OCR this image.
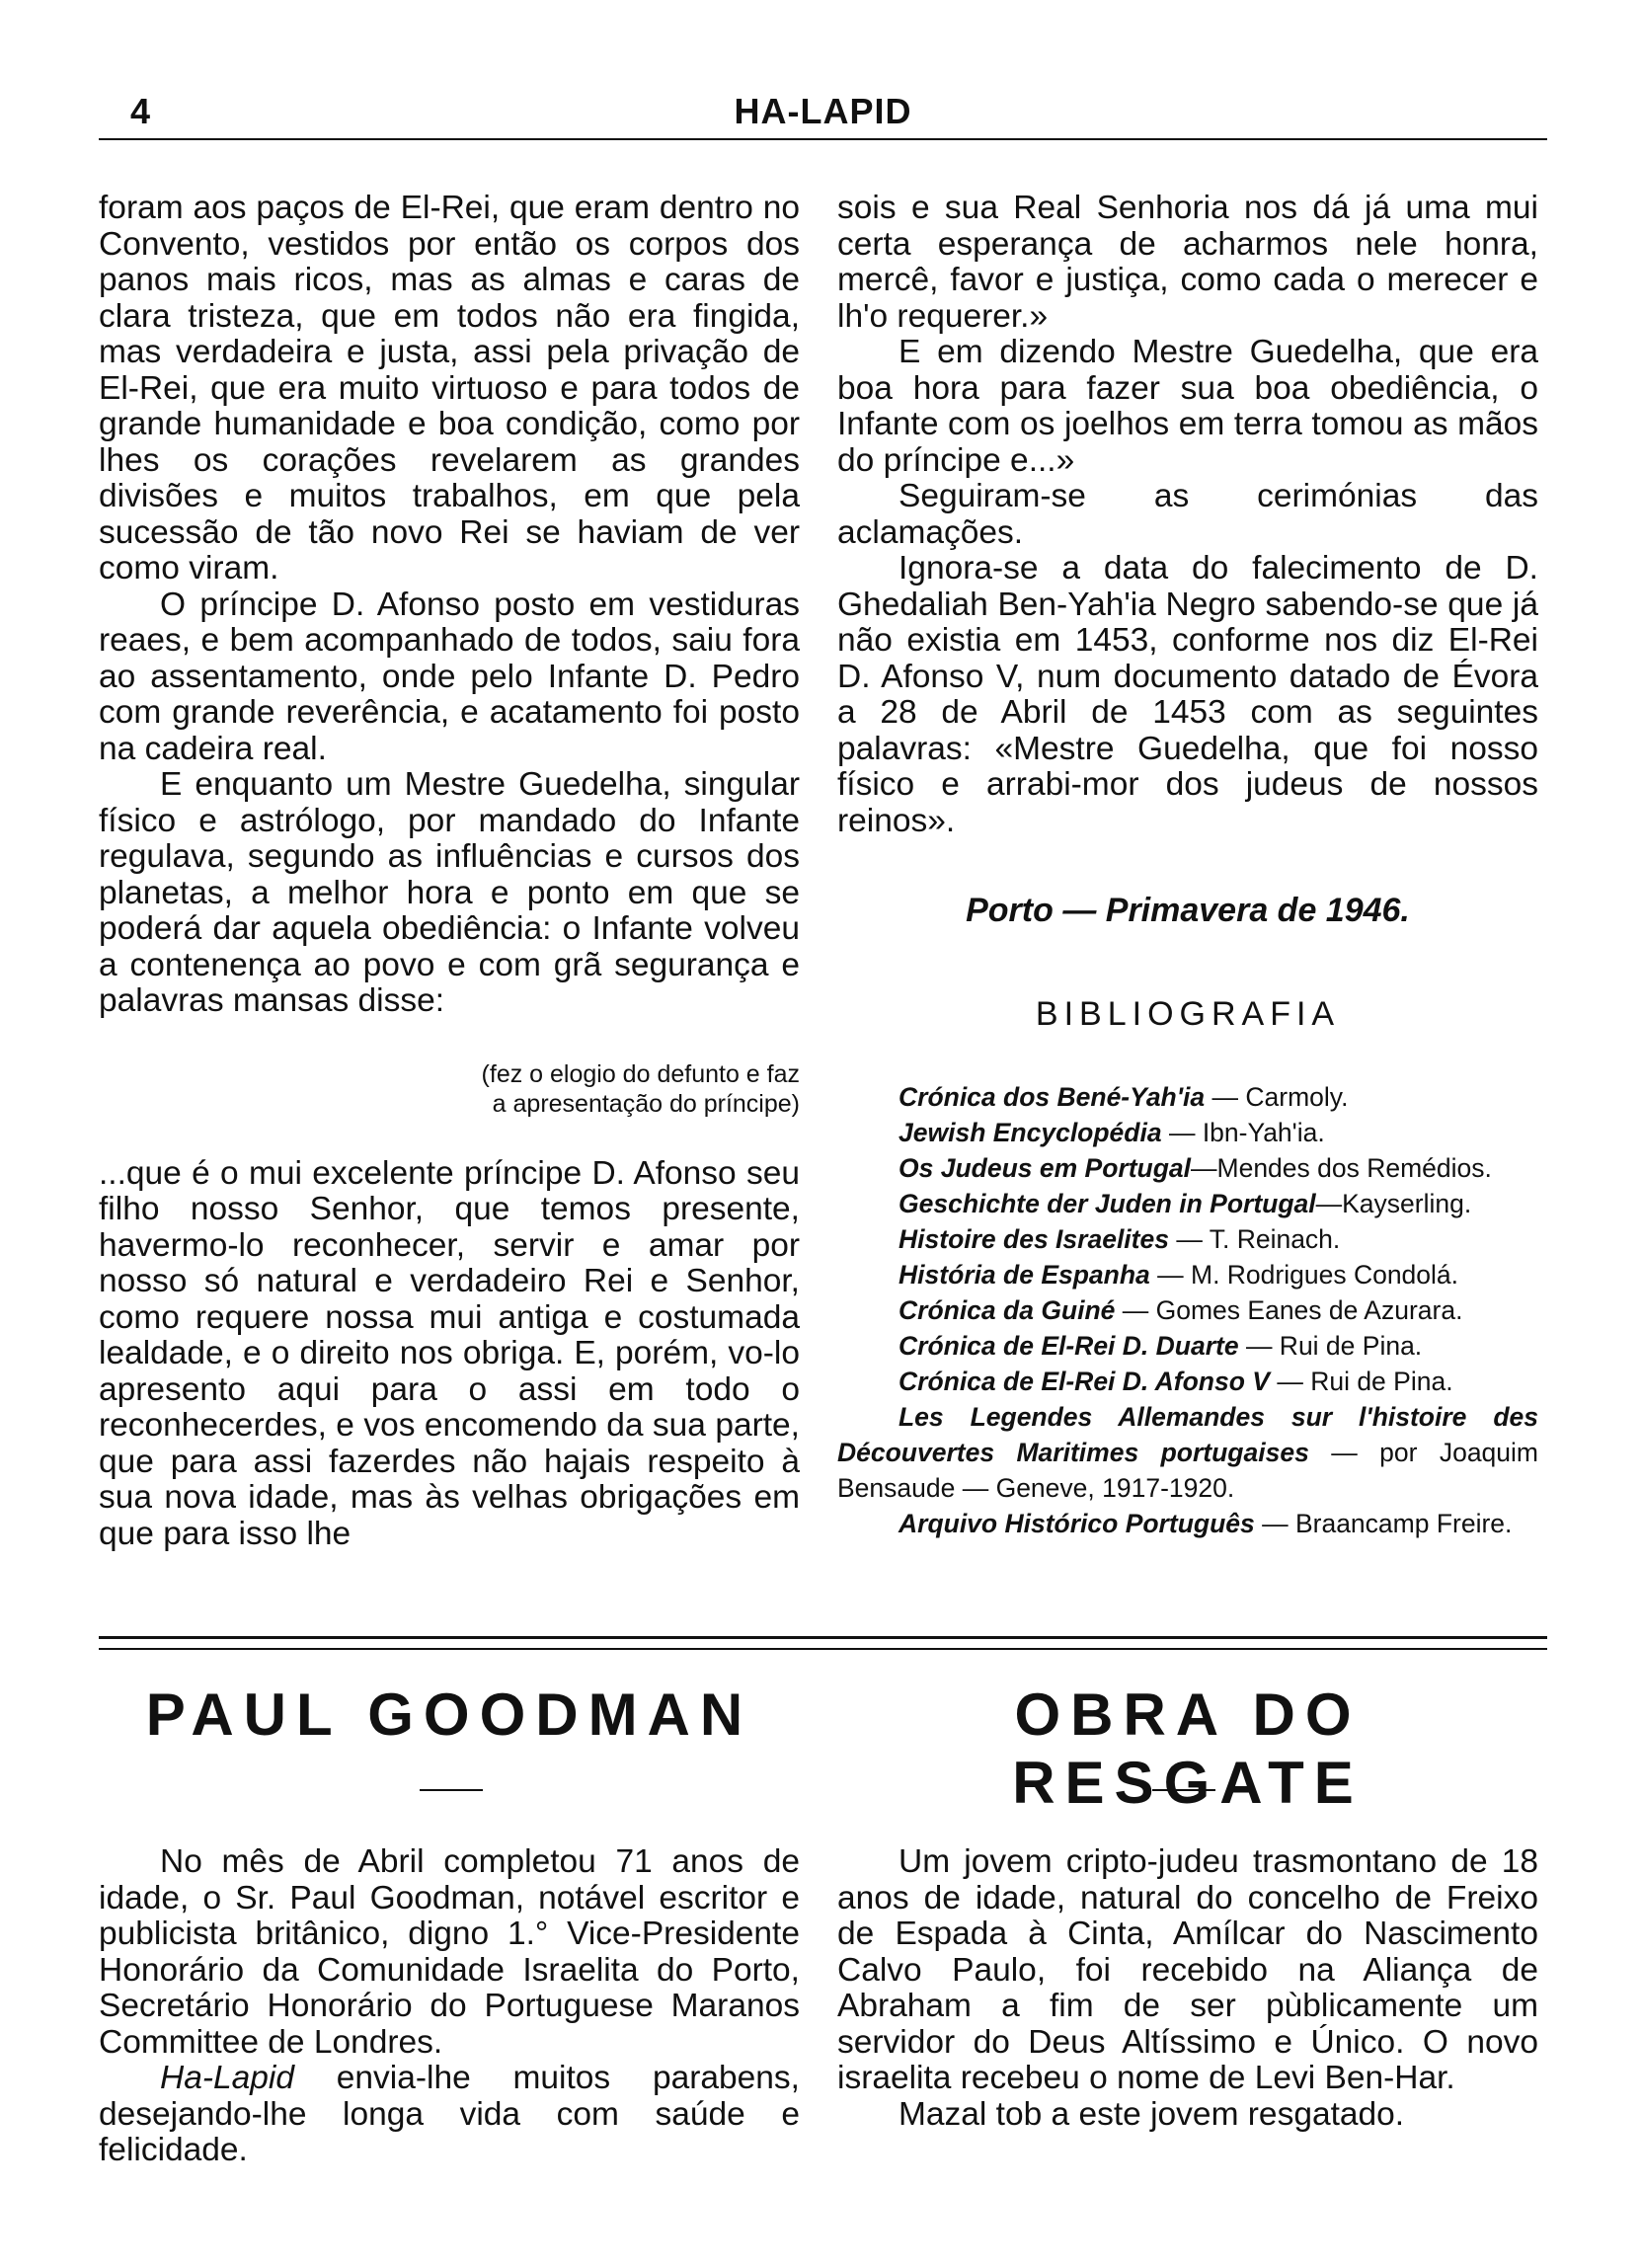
4	HA-LAPID

foram aos paços de El-Rei, que eram dentro no Convento, vestidos por então os corpos dos panos mais ricos, mas as almas e caras de clara tristeza, que em todos não era fingida, mas verdadeira e justa, assi pela privação de El-Rei, que era muito virtuoso e para todos de grande humanidade e boa condição, como por lhes os corações revelarem as grandes divisões e muitos trabalhos, em que pela sucessão de tão novo Rei se haviam de ver como viram.

O príncipe D. Afonso posto em vestiduras reaes, e bem acompanhado de todos, saiu fora ao assentamento, onde pelo Infante D. Pedro com grande reverência, e acatamento foi posto na cadeira real.

E enquanto um Mestre Guedelha, singular físico e astrólogo, por mandado do Infante regulava, segundo as influências e cursos dos planetas, a melhor hora e ponto em que se poderá dar aquela obediência: o Infante volveu a contenença ao povo e com grã segurança e palavras mansas disse:

(fez o elogio do defunto e faz
a apresentação do príncipe)

...que é o mui excelente príncipe D. Afonso seu filho nosso Senhor, que temos presente, havermo-lo reconhecer, servir e amar por nosso só natural e verdadeiro Rei e Senhor, como requere nossa mui antiga e costumada lealdade, e o direito nos obriga. E, porém, vo-lo apresento aqui para o assi em todo o reconhecerdes, e vos encomendo da sua parte, que para assi fazerdes não hajais respeito à sua nova idade, mas às velhas obrigações em que para isso lhe

sois e sua Real Senhoria nos dá já uma mui certa esperança de acharmos nele honra, mercê, favor e justiça, como cada o merecer e lh'o requerer.»

E em dizendo Mestre Guedelha, que era boa hora para fazer sua boa obediência, o Infante com os joelhos em terra tomou as mãos do príncipe e...»

Seguiram-se as cerimónias das aclamações.

Ignora-se a data do falecimento de D. Ghedaliah Ben-Yah'ia Negro sabendo-se que já não existia em 1453, conforme nos diz El-Rei D. Afonso V, num documento datado de Évora a 28 de Abril de 1453 com as seguintes palavras: «Mestre Guedelha, que foi nosso físico e arrabi-mor dos judeus de nossos reinos».

Porto — Primavera de 1946.
BIBLIOGRAFIA
Crónica dos Bené-Yah'ia — Carmoly.
Jewish Encyclopédia — Ibn-Yah'ia.
Os Judeus em Portugal—Mendes dos Remédios.
Geschichte der Juden in Portugal—Kayserling.
Histoire des Israelites — T. Reinach.
História de Espanha — M. Rodrigues Condolá.
Crónica da Guiné — Gomes Eanes de Azurara.
Crónica de El-Rei D. Duarte — Rui de Pina.
Crónica de El-Rei D. Afonso V — Rui de Pina.
Les Legendes Allemandes sur l'histoire des Découvertes Maritimes portugaises — por Joaquim Bensaude — Geneve, 1917-1920.
Arquivo Histórico Português — Braancamp Freire.
PAUL GOODMAN	OBRA DO RESGATE

No mês de Abril completou 71 anos de idade, o Sr. Paul Goodman, notável escritor e publicista britânico, digno 1.° Vice-Presidente Honorário da Comunidade Israelita do Porto, Secretário Honorário do Portuguese Maranos Committee de Londres.

Ha-Lapid envia-lhe muitos parabens, desejando-lhe longa vida com saúde e felicidade.

Um jovem cripto-judeu trasmontano de 18 anos de idade, natural do concelho de Freixo de Espada à Cinta, Amílcar do Nascimento Calvo Paulo, foi recebido na Aliança de Abraham a fim de ser pùblicamente um servidor do Deus Altíssimo e Único. O novo israelita recebeu o nome de Levi Ben-Har.

Mazal tob a este jovem resgatado.
